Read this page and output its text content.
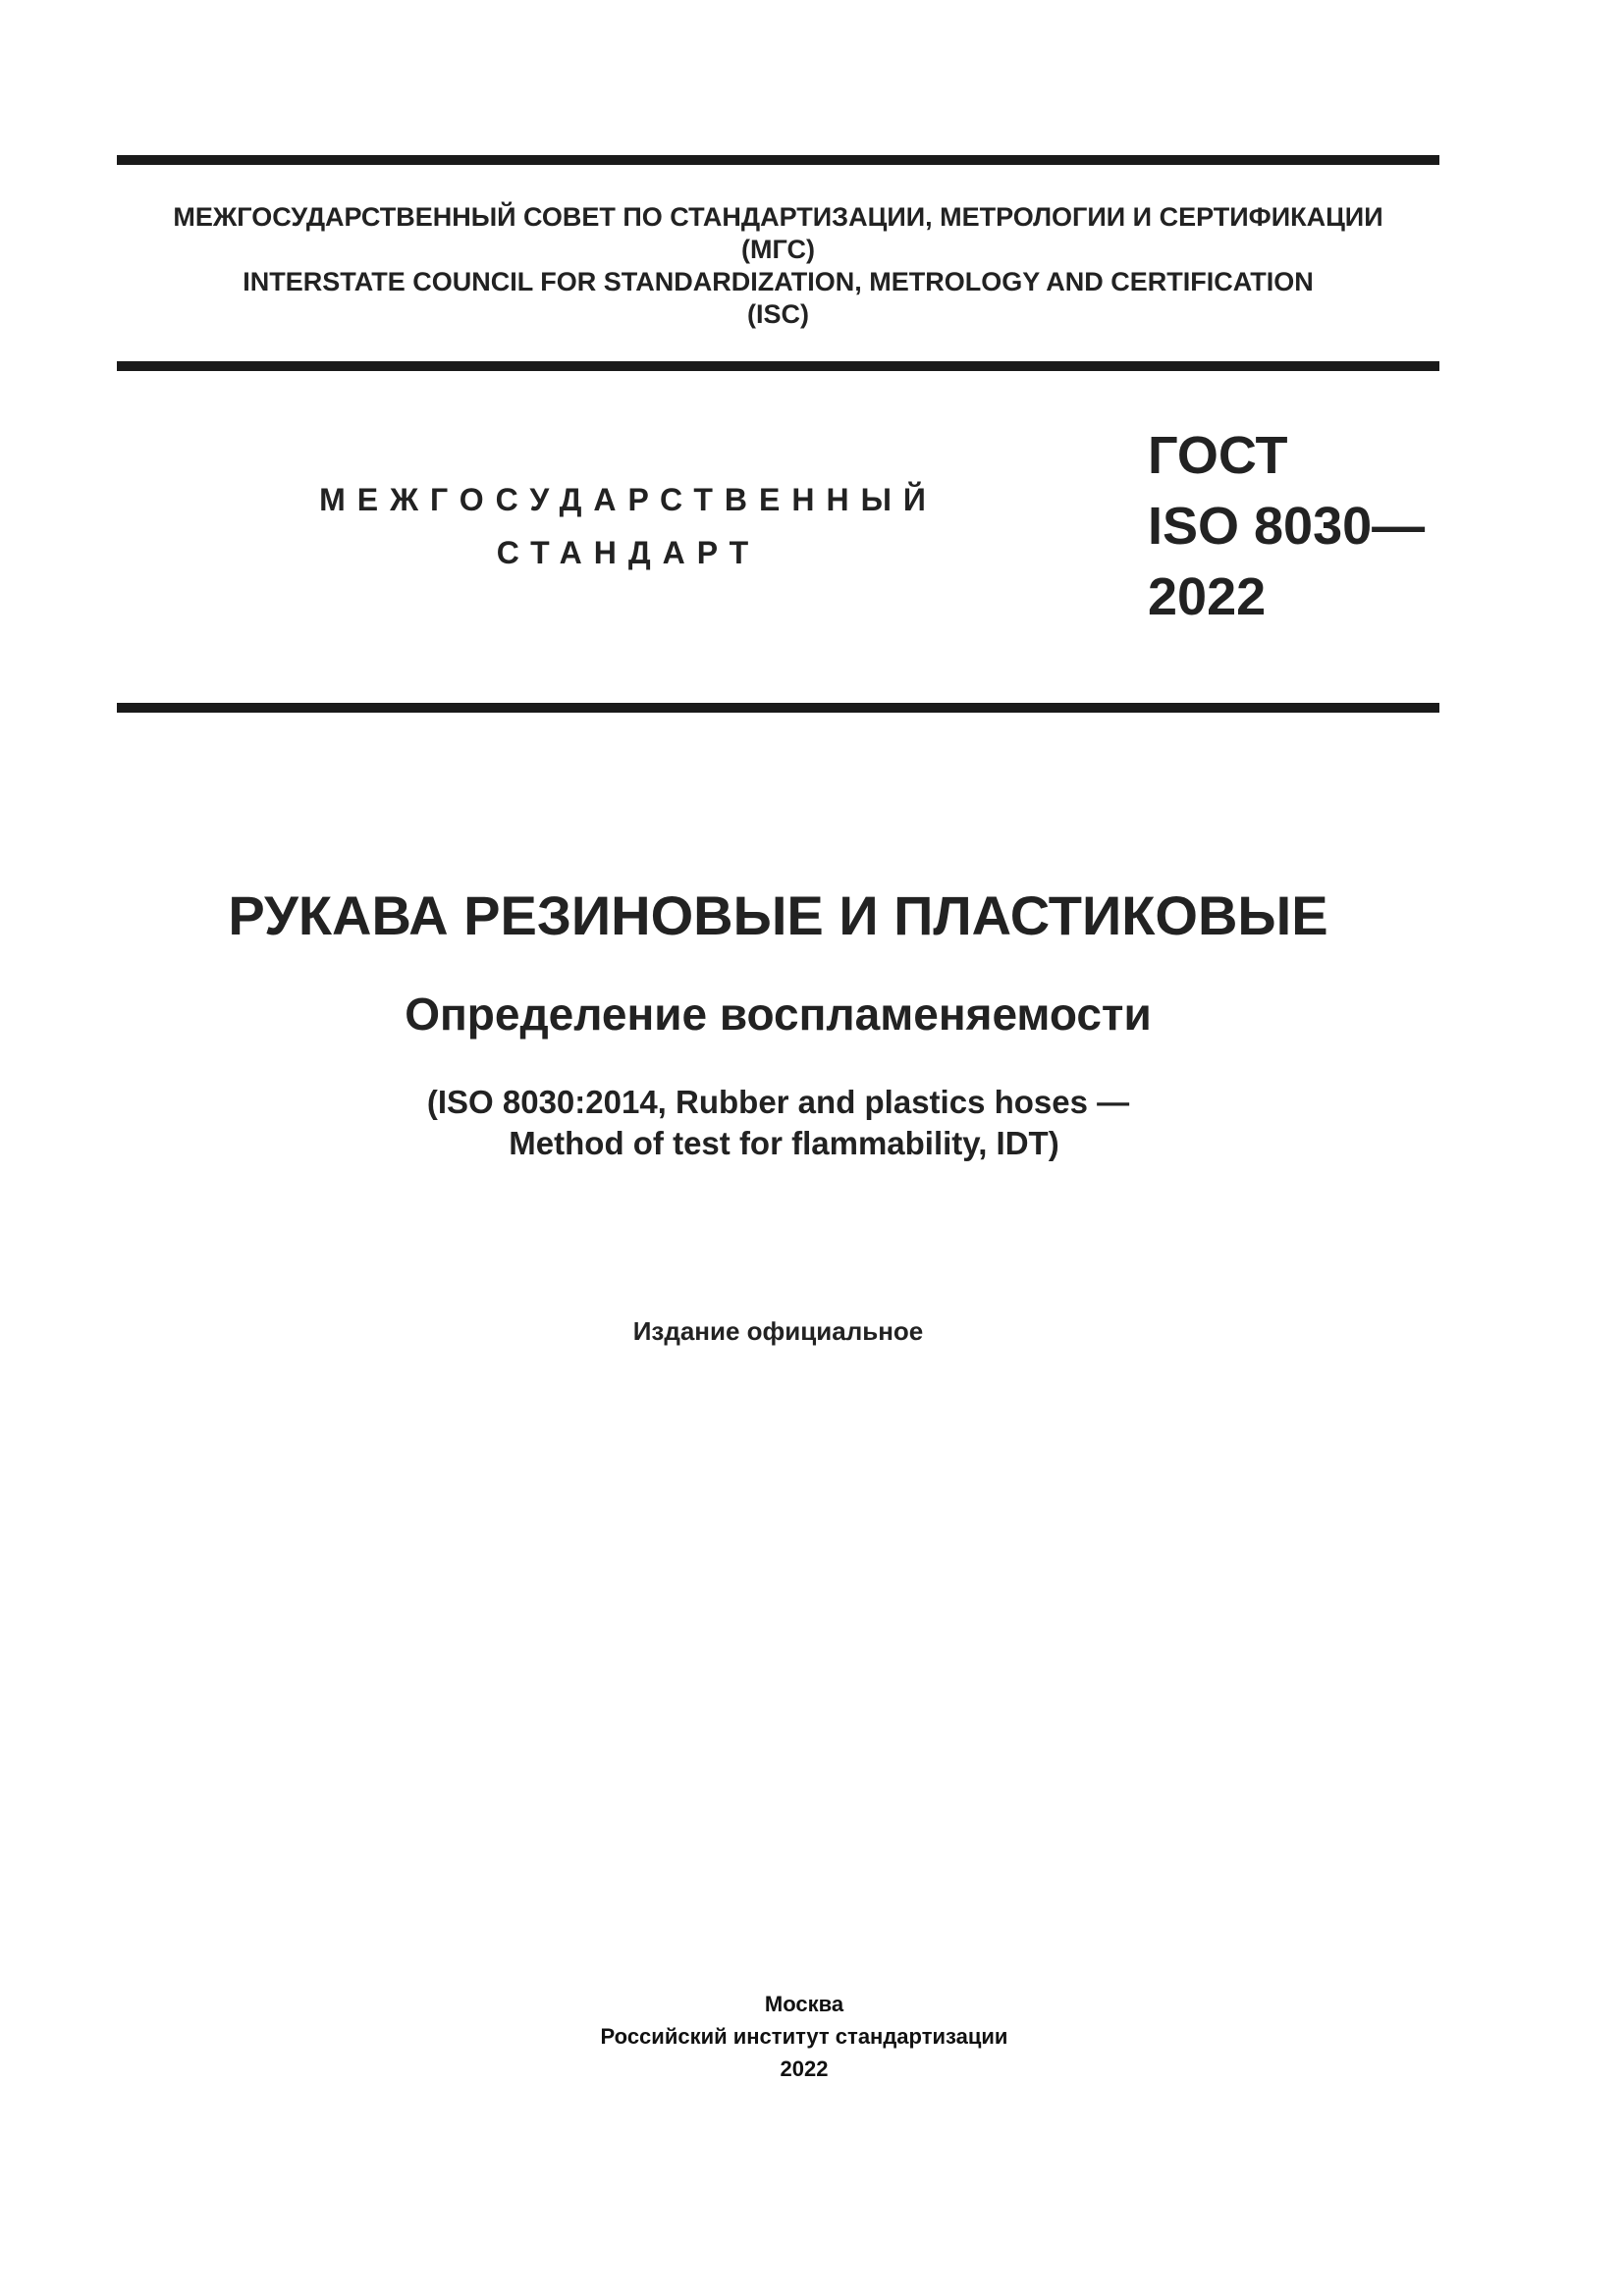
МЕЖГОСУДАРСТВЕННЫЙ СОВЕТ ПО СТАНДАРТИЗАЦИИ, МЕТРОЛОГИИ И СЕРТИФИКАЦИИ
(МГС)
INTERSTATE COUNCIL FOR STANDARDIZATION, METROLOGY AND CERTIFICATION
(ISC)
МЕЖГОСУДАРСТВЕННЫЙ
СТАНДАРТ
ГОСТ
ISO 8030—
2022
РУКАВА РЕЗИНОВЫЕ И ПЛАСТИКОВЫЕ
Определение воспламеняемости
(ISO 8030:2014, Rubber and plastics hoses —
Method of test for flammability, IDT)
Издание официальное
Москва
Российский институт стандартизации
2022
